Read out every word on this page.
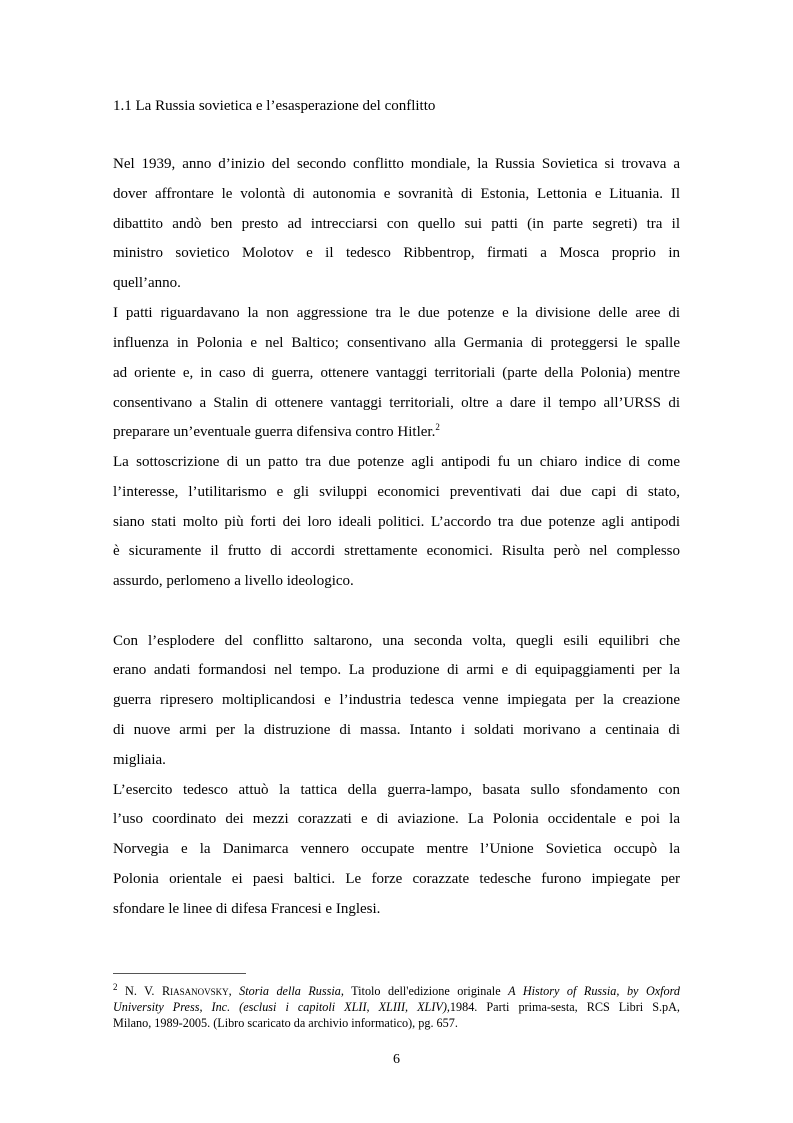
1.1 La Russia sovietica e l’esasperazione del conflitto
Nel 1939, anno d’inizio del secondo conflitto mondiale, la Russia Sovietica si trovava a
dover affrontare le volontà di autonomia e sovranità di Estonia, Lettonia e Lituania. Il
dibattito andò ben presto ad intrecciarsi con quello sui patti (in parte segreti) tra il
ministro sovietico Molotov e il tedesco Ribbentrop, firmati a Mosca proprio in
quell’anno.
I patti riguardavano la non aggressione tra le due potenze e la divisione delle aree di
influenza in Polonia e nel Baltico; consentivano alla Germania di proteggersi le spalle
ad oriente e, in caso di guerra, ottenere vantaggi territoriali (parte della Polonia) mentre
consentivano a Stalin di ottenere vantaggi territoriali, oltre a dare il tempo all’URSS di
preparare un’eventuale guerra difensiva contro Hitler.$^2$
La sottoscrizione di un patto tra due potenze agli antipodi fu un chiaro indice di come
l’interesse, l’utilitarismo e gli sviluppi economici preventivati dai due capi di stato,
siano stati molto più forti dei loro ideali politici. L’accordo tra due potenze agli antipodi
è sicuramente il frutto di accordi strettamente economici. Risulta però nel complesso
assurdo, perlomeno a livello ideologico.
Con l’esplodere del conflitto saltarono, una seconda volta, quegli esili equilibri che
erano andati formandosi nel tempo. La produzione di armi e di equipaggiamenti per la
guerra ripresero moltiplicandosi e l’industria tedesca venne impiegata per la creazione
di nuove armi per la distruzione di massa. Intanto i soldati morivano a centinaia di
migliaia.
L’esercito tedesco attuò la tattica della guerra-lampo, basata sullo sfondamento con
l’uso coordinato dei mezzi corazzati e di aviazione. La Polonia occidentale e poi la
Norvegia e la Danimarca vennero occupate mentre l’Unione Sovietica occupò la
Polonia orientale ei paesi baltici. Le forze corazzate tedesche furono impiegate per
sfondare le linee di difesa Francesi e Inglesi.
$^2$ N. V. Riasanovsky, Storia della Russia, Titolo dell'edizione originale A History of Russia, by Oxford
University Press, Inc. (esclusi i capitoli XLII, XLIII, XLIV),1984. Parti prima-sesta, RCS Libri S.pA,
Milano, 1989-2005. (Libro scaricato da archivio informatico), pg. 657.
6
